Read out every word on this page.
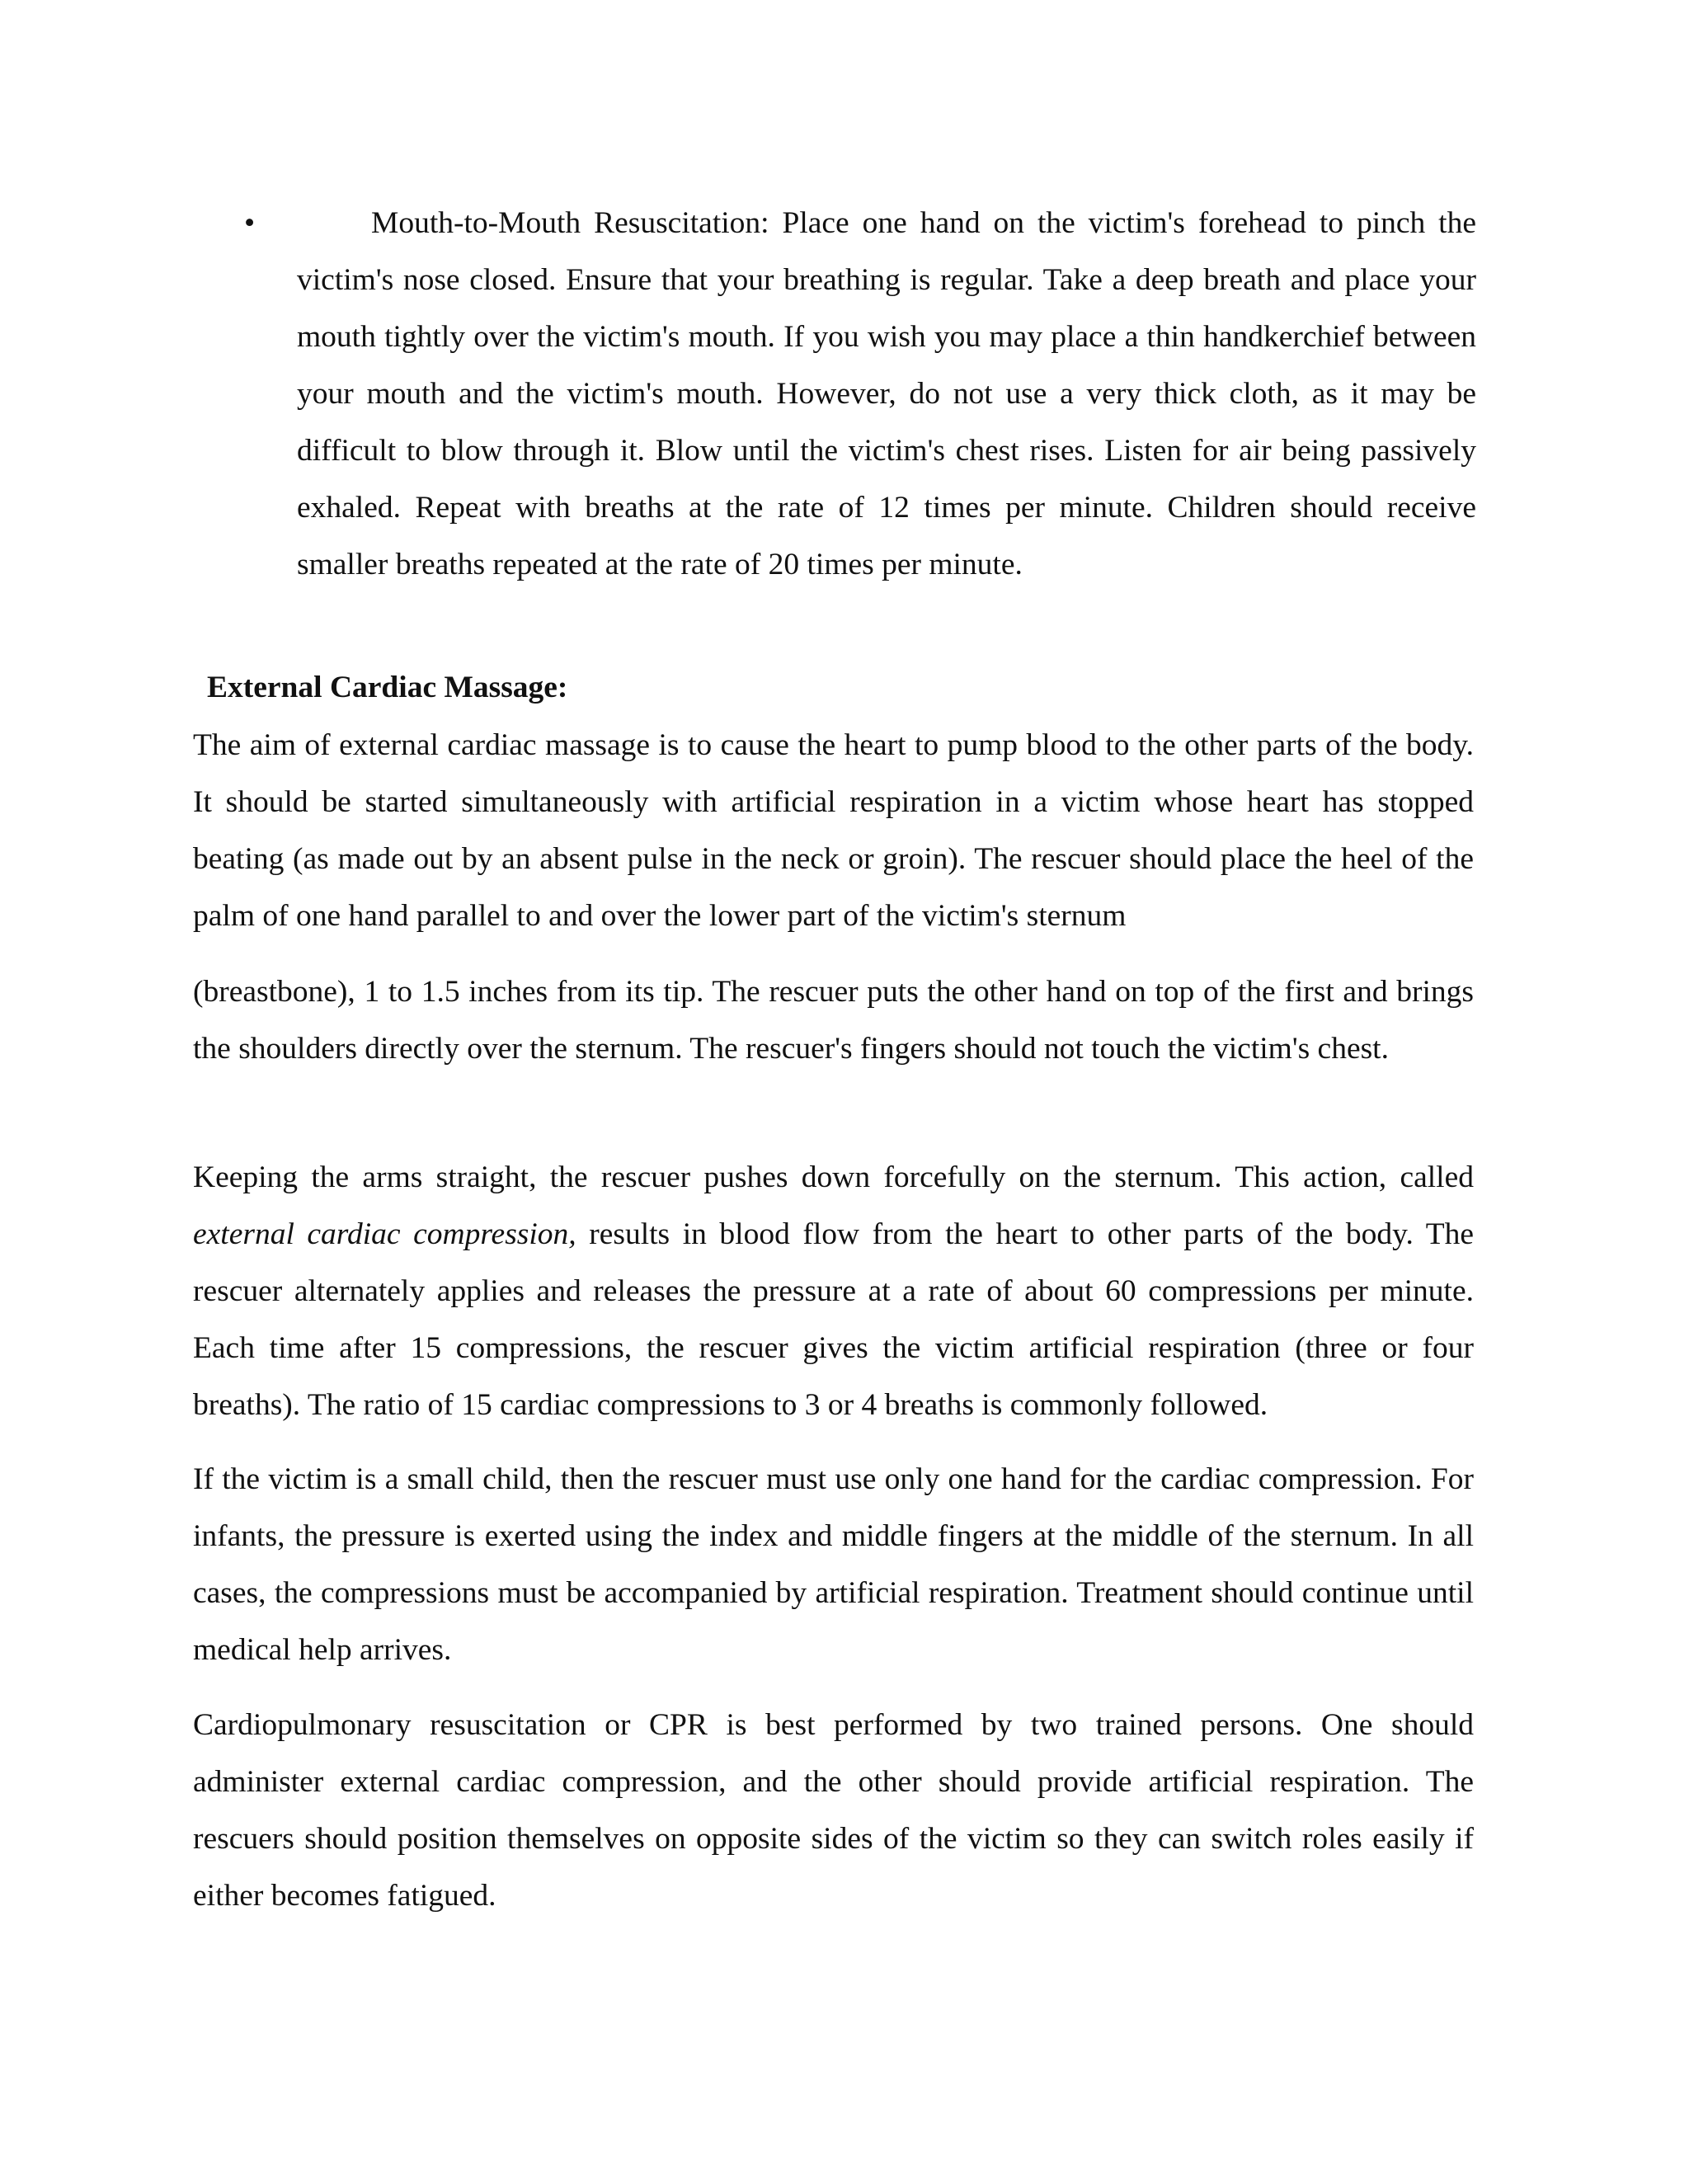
•	Mouth-to-Mouth Resuscitation: Place one hand on the victim's forehead to pinch the victim's nose closed. Ensure that your breathing is regular. Take a deep breath and place your mouth tightly over the victim's mouth. If you wish you may place a thin handkerchief between your mouth and the victim's mouth. However, do not use a very thick cloth, as it may be difficult to blow through it. Blow until the victim's chest rises. Listen for air being passively exhaled. Repeat with breaths at the rate of 12 times per minute. Children should receive smaller breaths repeated at the rate of 20 times per minute.
External Cardiac Massage:

The aim of external cardiac massage is to cause the heart to pump blood to the other parts of the body. It should be started simultaneously with artificial respiration in a victim whose heart has stopped beating (as made out by an absent pulse in the neck or groin). The rescuer should place the heel of the palm of one hand parallel to and over the lower part of the victim's sternum

(breastbone), 1 to 1.5 inches from its tip. The rescuer puts the other hand on top of the first and brings the shoulders directly over the sternum. The rescuer's fingers should not touch the victim's chest.

Keeping the arms straight, the rescuer pushes down forcefully on the sternum. This action, called external cardiac compression, results in blood flow from the heart to other parts of the body. The rescuer alternately applies and releases the pressure at a rate of about 60 compressions per minute. Each time after 15 compressions, the rescuer gives the victim artificial respiration (three or four breaths). The ratio of 15 cardiac compressions to 3 or 4 breaths is commonly followed.

If the victim is a small child, then the rescuer must use only one hand for the cardiac compression. For infants, the pressure is exerted using the index and middle fingers at the middle of the sternum. In all cases, the compressions must be accompanied by artificial respiration. Treatment should continue until medical help arrives.

Cardiopulmonary resuscitation or CPR is best performed by two trained persons. One should administer external cardiac compression, and the other should provide artificial respiration. The rescuers should position themselves on opposite sides of the victim so they can switch roles easily if either becomes fatigued.
